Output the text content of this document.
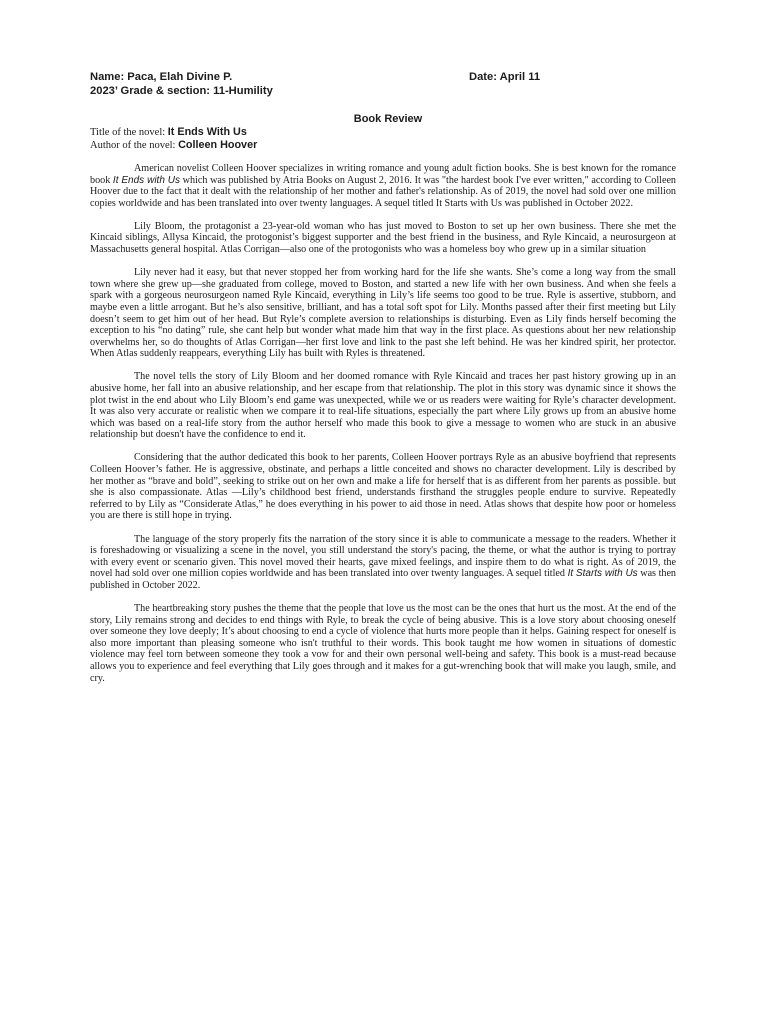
Name: Paca, Elah Divine P.	Date: April 11
2023’ Grade & section: 11-Humility
Book Review
Title of the novel: It Ends With Us
Author of the novel: Colleen Hoover

American novelist Colleen Hoover specializes in writing romance and young adult fiction books. She is best known for the romance book It Ends with Us which was published by Atria Books on August 2, 2016. It was "the hardest book I've ever written," according to Colleen Hoover due to the fact that it dealt with the relationship of her mother and father's relationship. As of 2019, the novel had sold over one million copies worldwide and has been translated into over twenty languages. A sequel titled It Starts with Us was published in October 2022.

Lily Bloom, the protagonist a 23-year-old woman who has just moved to Boston to set up her own business. There she met the Kincaid siblings, Allysa Kincaid, the protogonist’s biggest supporter and the best friend in the business, and Ryle Kincaid, a neurosurgeon at Massachusetts general hospital. Atlas Corrigan—also one of the protogonists who was a homeless boy who grew up in a similar situation

Lily never had it easy, but that never stopped her from working hard for the life she wants. She’s come a long way from the small town where she grew up—she graduated from college, moved to Boston, and started a new life with her own business. And when she feels a spark with a gorgeous neurosurgeon named Ryle Kincaid, everything in Lily’s life seems too good to be true. Ryle is assertive, stubborn, and maybe even a little arrogant. But he’s also sensitive, brilliant, and has a total soft spot for Lily. Months passed after their first meeting but Lily doesn’t seem to get him out of her head. But Ryle’s complete aversion to relationships is disturbing. Even as Lily finds herself becoming the exception to his “no dating” rule, she cant help but wonder what made him that way in the first place. As questions about her new relationship overwhelms her, so do thoughts of Atlas Corrigan—her first love and link to the past she left behind. He was her kindred spirit, her protector. When Atlas suddenly reappears, everything Lily has built with Ryles is threatened.

The novel tells the story of Lily Bloom and her doomed romance with Ryle Kincaid and traces her past history growing up in an abusive home, her fall into an abusive relationship, and her escape from that relationship. The plot in this story was dynamic since it shows the plot twist in the end about who Lily Bloom’s end game was unexpected, while we or us readers were waiting for Ryle’s character development. It was also very accurate or realistic when we compare it to real-life situations, especially the part where Lily grows up from an abusive home which was based on a real-life story from the author herself who made this book to give a message to women who are stuck in an abusive relationship but doesn't have the confidence to end it.

Considering that the author dedicated this book to her parents, Colleen Hoover portrays Ryle as an abusive boyfriend that represents Colleen Hoover’s father. He is aggressive, obstinate, and perhaps a little conceited and shows no character development. Lily is described by her mother as “brave and bold”, seeking to strike out on her own and make a life for herself that is as different from her parents as possible. but she is also compassionate. Atlas —Lily’s childhood best friend, understands firsthand the struggles people endure to survive. Repeatedly referred to by Lily as “Considerate Atlas,” he does everything in his power to aid those in need. Atlas shows that despite how poor or homeless you are there is still hope in trying.

The language of the story properly fits the narration of the story since it is able to communicate a message to the readers. Whether it is foreshadowing or visualizing a scene in the novel, you still understand the story's pacing, the theme, or what the author is trying to portray with every event or scenario given. This novel moved their hearts, gave mixed feelings, and inspire them to do what is right. As of 2019, the novel had sold over one million copies worldwide and has been translated into over twenty languages. A sequel titled It Starts with Us was then published in October 2022.

The heartbreaking story pushes the theme that the people that love us the most can be the ones that hurt us the most. At the end of the story, Lily remains strong and decides to end things with Ryle, to break the cycle of being abusive. This is a love story about choosing oneself over someone they love deeply; It’s about choosing to end a cycle of violence that hurts more people than it helps. Gaining respect for oneself is also more important than pleasing someone who isn't truthful to their words. This book taught me how women in situations of domestic violence may feel torn between someone they took a vow for and their own personal well-being and safety. This book is a must-read because allows you to experience and feel everything that Lily goes through and it makes for a gut-wrenching book that will make you laugh, smile, and cry.
